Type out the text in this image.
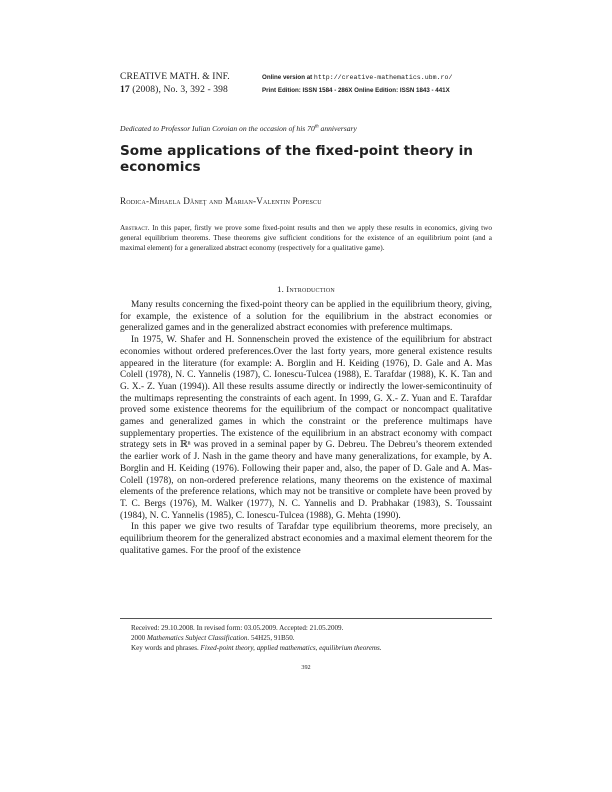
CREATIVE MATH. & INF.	Online version at http://creative-mathematics.ubm.ro/
17 (2008), No. 3, 392 - 398	Print Edition: ISSN 1584 - 286X Online Edition: ISSN 1843 - 441X
Dedicated to Professor Iulian Coroian on the occasion of his 70th anniversary
Some applications of the fixed-point theory in economics
Rodica-Mihaela Dăneţ and Marian-Valentin Popescu
Abstract. In this paper, firstly we prove some fixed-point results and then we apply these results in economics, giving two general equilibrium theorems. These theorems give sufficient conditions for the existence of an equilibrium point (and a maximal element) for a generalized abstract economy (respectively for a qualitative game).
1. Introduction

Many results concerning the fixed-point theory can be applied in the equilibrium theory, giving, for example, the existence of a solution for the equilibrium in the abstract economies or generalized games and in the generalized abstract economies with preference multimaps.

In 1975, W. Shafer and H. Sonnenschein proved the existence of the equilibrium for abstract economies without ordered preferences.Over the last forty years, more general existence results appeared in the literature (for example: A. Borglin and H. Keiding (1976), D. Gale and A. Mas Colell (1978), N. C. Yannelis (1987), C. Ionescu-Tulcea (1988), E. Tarafdar (1988), K. K. Tan and G. X.- Z. Yuan (1994)). All these results assume directly or indirectly the lower-semicontinuity of the multimaps representing the constraints of each agent. In 1999, G. X.- Z. Yuan and E. Tarafdar proved some existence theorems for the equilibrium of the compact or noncompact qualitative games and generalized games in which the constraint or the preference multimaps have supplementary properties. The existence of the equilibrium in an abstract economy with compact strategy sets in ℝⁿ was proved in a seminal paper by G. Debreu. The Debreu’s theorem extended the earlier work of J. Nash in the game theory and have many generalizations, for example, by A. Borglin and H. Keiding (1976). Following their paper and, also, the paper of D. Gale and A. Mas-Colell (1978), on non-ordered preference relations, many theorems on the existence of maximal elements of the preference relations, which may not be transitive or complete have been proved by T. C. Bergs (1976), M. Walker (1977), N. C. Yannelis and D. Prabhakar (1983), S. Toussaint (1984), N. C. Yannelis (1985), C. Ionescu-Tulcea (1988), G. Mehta (1990).

In this paper we give two results of Tarafdar type equilibrium theorems, more precisely, an equilibrium theorem for the generalized abstract economies and a maximal element theorem for the qualitative games. For the proof of the existence

Received: 29.10.2008. In revised form: 03.05.2009. Accepted: 21.05.2009.
2000 Mathematics Subject Classification. 54H25, 91B50.
Key words and phrases. Fixed-point theory, applied mathematics, equilibrium theorems.
392
